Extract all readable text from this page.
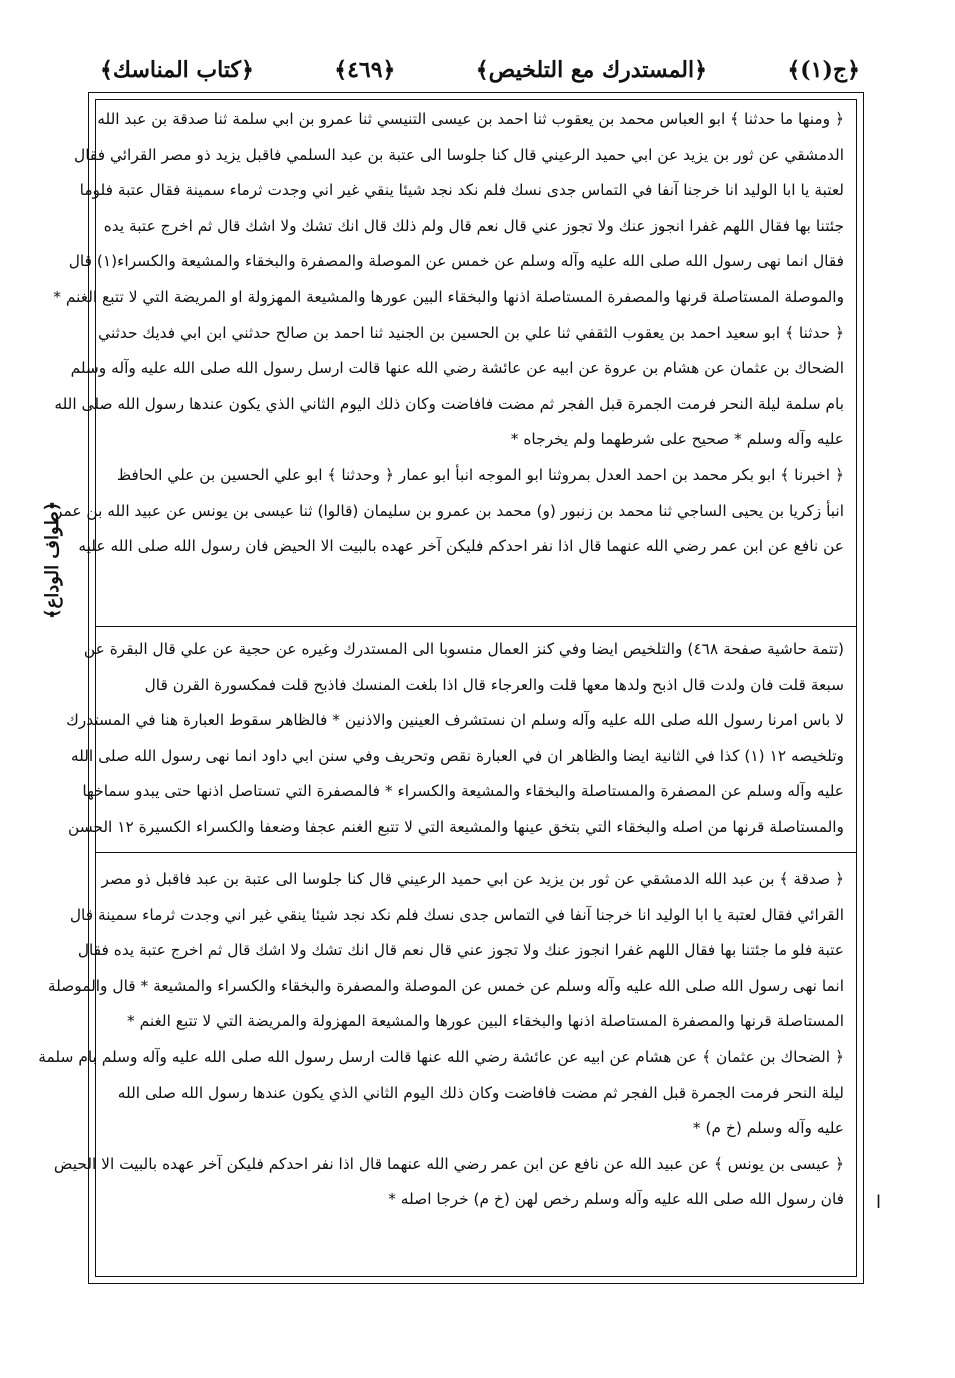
﴿ج(١)﴾
﴿المستدرك مع التلخيص﴾
﴿٤٦٩﴾
﴿كتاب المناسك﴾
﴿طواف الوداع﴾
﴿ ومنها ما حدثنا ﴾ ابو العباس محمد بن يعقوب ثنا احمد بن عيسى التنيسي ثنا عمرو بن ابي سلمة ثنا صدقة بن عبد الله
الدمشقي عن ثور بن يزيد عن ابي حميد الرعيني قال كنا جلوسا الى عتبة بن عبد السلمي فاقبل يزيد ذو مصر القرائي فقال
لعتبة يا ابا الوليد انا خرجنا آنفا في التماس جدى نسك فلم نكد نجد شيئا ينقي غير اني وجدت ثرماء سمينة فقال عتبة فلوما
جئتنا بها فقال اللهم غفرا انجوز عنك ولا تجوز عني قال نعم قال ولم ذلك قال انك تشك ولا اشك قال ثم اخرج عتبة يده
فقال انما نهى رسول الله صلى الله عليه وآله وسلم عن خمس عن الموصلة والمصفرة والبخقاء والمشيعة والكسراء(١) قال
والموصلة المستاصلة قرنها والمصفرة المستاصلة اذنها والبخقاء البين عورها والمشيعة المهزولة او المريضة التي لا تتبع الغنم *
﴿ حدثنا ﴾ ابو سعيد احمد بن يعقوب الثقفي ثنا علي بن الحسين بن الجنيد ثنا احمد بن صالح حدثني ابن ابي فديك حدثني
الضحاك بن عثمان عن هشام بن عروة عن ابيه عن عائشة رضي الله عنها قالت ارسل رسول الله صلى الله عليه وآله وسلم
بام سلمة ليلة النحر فرمت الجمرة قبل الفجر ثم مضت فافاضت وكان ذلك اليوم الثاني الذي يكون عندها رسول الله صلى الله
عليه وآله وسلم * صحيح على شرطهما ولم يخرجاه *
﴿ اخبرنا ﴾ ابو بكر محمد بن احمد العدل بمروثنا ابو الموجه انبأ ابو عمار ﴿ وحدثنا ﴾ ابو علي الحسين بن علي الحافظ
انبأ زكريا بن يحيى الساجي ثنا محمد بن زنبور (و) محمد بن عمرو بن سليمان (قالوا) ثنا عيسى بن يونس عن عبيد الله بن عمر
عن نافع عن ابن عمر رضي الله عنهما قال اذا نفر احدكم فليكن آخر عهده بالبيت الا الحيض فان رسول الله صلى الله عليه
(تتمة حاشية صفحة ٤٦٨) والتلخيص ايضا وفي كنز العمال منسوبا الى المستدرك وغيره عن حجية عن علي قال البقرة عن
سبعة قلت فان ولدت قال اذبح ولدها معها قلت والعرجاء قال اذا بلغت المنسك فاذبح قلت فمكسورة القرن قال
لا باس امرنا رسول الله صلى الله عليه وآله وسلم ان نستشرف العينين والاذنين * فالظاهر سقوط العبارة هنا في المستدرك
وتلخيصه ١٢ (١) كذا في الثانية ايضا والظاهر ان في العبارة نقص وتحريف وفي سنن ابي داود انما نهى رسول الله صلى الله
عليه وآله وسلم عن المصفرة والمستاصلة والبخقاء والمشيعة والكسراء * فالمصفرة التي تستاصل اذنها حتى يبدو سماخها
والمستاصلة قرنها من اصله والبخقاء التي بتخق عينها والمشيعة التي لا تتبع الغنم عجفا وضعفا والكسراء الكسيرة ١٢ الحسن
﴿ صدقة ﴾ بن عبد الله الدمشقي عن ثور بن يزيد عن ابي حميد الرعيني قال كنا جلوسا الى عتبة بن عبد فاقبل ذو مصر
القرائي فقال لعتبة يا ابا الوليد انا خرجنا آنفا في التماس جدى نسك فلم نكد نجد شيئا ينقي غير اني وجدت ثرماء سمينة قال
عتبة فلو ما جئتنا بها فقال اللهم غفرا انجوز عنك ولا تجوز عني قال نعم قال انك تشك ولا اشك قال ثم اخرج عتبة يده فقال
انما نهى رسول الله صلى الله عليه وآله وسلم عن خمس عن الموصلة والمصفرة والبخقاء والكسراء والمشيعة * قال والموصلة
المستاصلة قرنها والمصفرة المستاصلة اذنها والبخقاء البين عورها والمشيعة المهزولة والمريضة التي لا تتبع الغنم *
﴿ الضحاك بن عثمان ﴾ عن هشام عن ابيه عن عائشة رضي الله عنها قالت ارسل رسول الله صلى الله عليه وآله وسلم بام سلمة
ليلة النحر فرمت الجمرة قبل الفجر ثم مضت فافاضت وكان ذلك اليوم الثاني الذي يكون عندها رسول الله صلى الله
عليه وآله وسلم (خ م) *
﴿ عيسى بن يونس ﴾ عن عبيد الله عن نافع عن ابن عمر رضي الله عنهما قال اذا نفر احدكم فليكن آخر عهده بالبيت الا الحيض
فان رسول الله صلى الله عليه وآله وسلم رخص لهن (خ م) خرجا اصله * ا
